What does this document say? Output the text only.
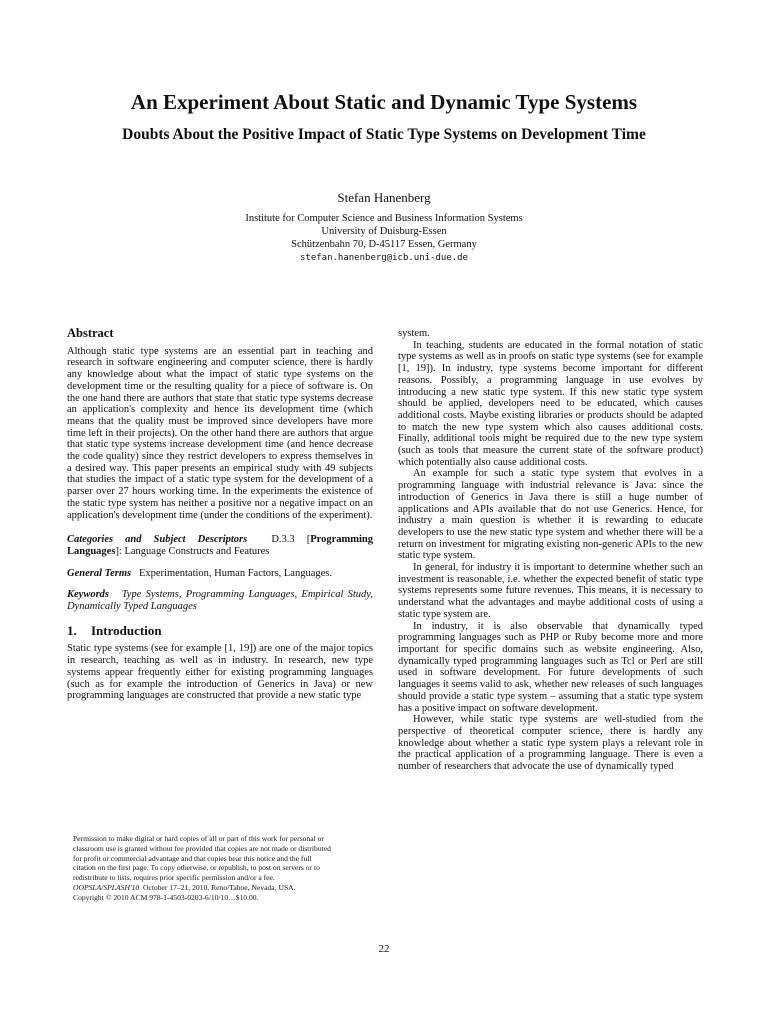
An Experiment About Static and Dynamic Type Systems
Doubts About the Positive Impact of Static Type Systems on Development Time
Stefan Hanenberg
Institute for Computer Science and Business Information Systems
University of Duisburg-Essen
Schützenbahn 70, D-45117 Essen, Germany
stefan.hanenberg@icb.uni-due.de
Abstract

Although static type systems are an essential part in teaching and research in software engineering and computer science, there is hardly any knowledge about what the impact of static type systems on the development time or the resulting quality for a piece of software is. On the one hand there are authors that state that static type systems decrease an application's complexity and hence its development time (which means that the quality must be improved since developers have more time left in their projects). On the other hand there are authors that argue that static type systems increase development time (and hence decrease the code quality) since they restrict developers to express themselves in a desired way. This paper presents an empirical study with 49 subjects that studies the impact of a static type system for the development of a parser over 27 hours working time. In the experiments the existence of the static type system has neither a positive nor a negative impact on an application's development time (under the conditions of the experiment).

Categories and Subject Descriptors D.3.3 [Programming Languages]: Language Constructs and Features

General Terms Experimentation, Human Factors, Languages.

Keywords Type Systems, Programming Languages, Empirical Study, Dynamically Typed Languages

1. Introduction

Static type systems (see for example [1, 19]) are one of the major topics in research, teaching as well as in industry. In research, new type systems appear frequently either for existing programming languages (such as for example the introduction of Generics in Java) or new programming languages are constructed that provide a new static type

Permission to make digital or hard copies of all or part of this work for personal or
classroom use is granted without fee provided that copies are not made or distributed
for profit or commercial advantage and that copies bear this notice and the full
citation on the first page. To copy otherwise, or republish, to post on servers or to
redistribute to lists, requires prior specific permission and/or a fee.
OOPSLA/SPLASH'10 October 17–21, 2010, Reno/Tahoe, Nevada, USA.
Copyright © 2010 ACM 978-1-4503-0203-6/10/10…$10.00.

system.

In teaching, students are educated in the formal notation of static type systems as well as in proofs on static type systems (see for example [1, 19]). In industry, type systems become important for different reasons. Possibly, a programming language in use evolves by introducing a new static type system. If this new static type system should be applied, developers need to be educated, which causes additional costs. Maybe existing libraries or products should be adapted to match the new type system which also causes additional costs. Finally, additional tools might be required due to the new type system (such as tools that measure the current state of the software product) which potentially also cause additional costs.

An example for such a static type system that evolves in a programming language with industrial relevance is Java: since the introduction of Generics in Java there is still a huge number of applications and APIs available that do not use Generics. Hence, for industry a main question is whether it is rewarding to educate developers to use the new static type system and whether there will be a return on investment for migrating existing non-generic APIs to the new static type system.

In general, for industry it is important to determine whether such an investment is reasonable, i.e. whether the expected benefit of static type systems represents some future revenues. This means, it is necessary to understand what the advantages and maybe additional costs of using a static type system are.

In industry, it is also observable that dynamically typed programming languages such as PHP or Ruby become more and more important for specific domains such as website engineering. Also, dynamically typed programming languages such as Tcl or Perl are still used in software development. For future developments of such languages it seems valid to ask, whether new releases of such languages should provide a static type system – assuming that a static type system has a positive impact on software development.

However, while static type systems are well-studied from the perspective of theoretical computer science, there is hardly any knowledge about whether a static type system plays a relevant role in the practical application of a programming language. There is even a number of researchers that advocate the use of dynamically typed

22
